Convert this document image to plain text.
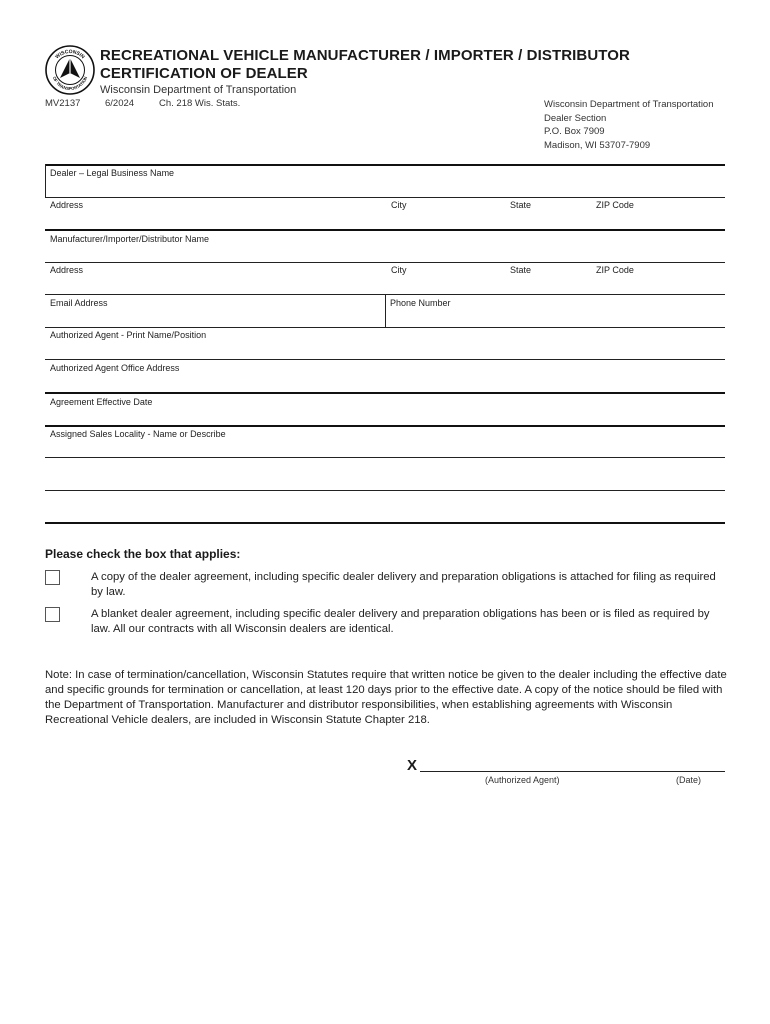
WISCONSIN
OF TRANSPORTATION
RECREATIONAL VEHICLE MANUFACTURER / IMPORTER / DISTRIBUTOR
CERTIFICATION OF DEALER
Wisconsin Department of Transportation
MV2137	6/2024	Ch. 218 Wis. Stats.	Wisconsin Department of Transportation
Dealer Section
P.O. Box 7909
Madison, WI 53707-7909
Dealer – Legal Business Name
Address	City	State	ZIP Code
Manufacturer/Importer/Distributor Name
Address	City	State	ZIP Code
Email Address	Phone Number
Authorized Agent - Print Name/Position
Authorized Agent Office Address
Agreement Effective Date
Assigned Sales Locality - Name or Describe
Please check the box that applies:
A copy of the dealer agreement, including specific dealer delivery and preparation obligations is attached for filing as required by law.
A blanket dealer agreement, including specific dealer delivery and preparation obligations has been or is filed as required by law. All our contracts with all Wisconsin dealers are identical.
Note: In case of termination/cancellation, Wisconsin Statutes require that written notice be given to the dealer including the effective date and specific grounds for termination or cancellation, at least 120 days prior to the effective date. A copy of the notice should be filed with the Department of Transportation. Manufacturer and distributor responsibilities, when establishing agreements with Wisconsin Recreational Vehicle dealers, are included in Wisconsin Statute Chapter 218.
X
(Authorized Agent)	(Date)
